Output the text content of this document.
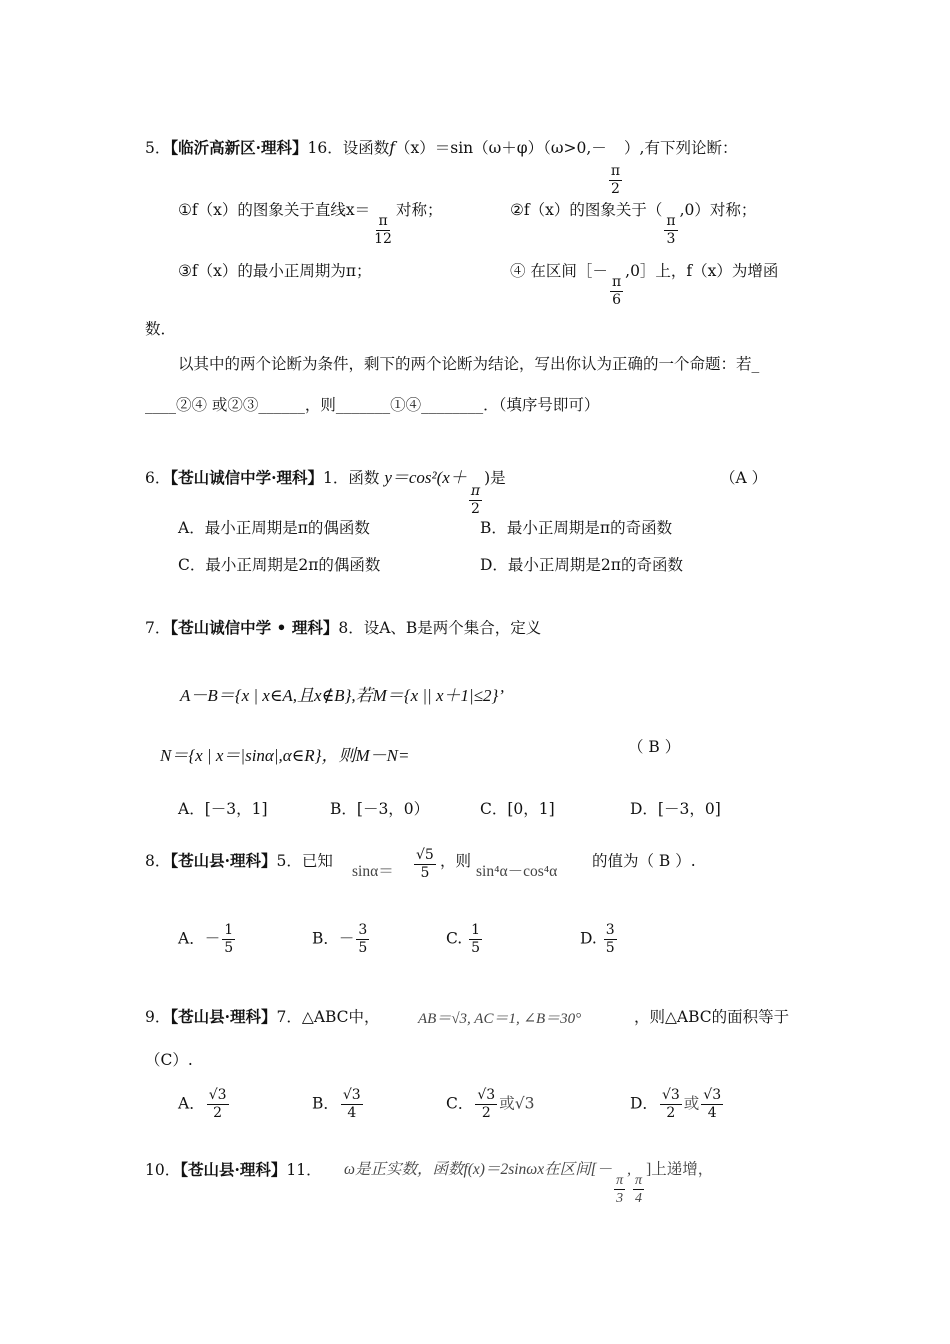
5．【临沂高新区·理科】16．设函数f（x）＝sin（ω＋φ）（ω>0,－
$\frac{\pi}{2}$
）,有下列论断：
①f（x）的图象关于直线x＝
$\frac{\pi}{12}$
对称；	②f（x）的图象关于（
$\frac{\pi}{3}$
,0）对称；
③f（x）的最小正周期为π；	④ 在区间［－
$\frac{\pi}{6}$
,0］上，f（x）为增函
数．
以其中的两个论断为条件，剩下的两个论断为结论，写出你认为正确的一个命题：若_
____②④ 或②③______，则_______①④________．（填序号即可）
6．【苍山诚信中学·理科】1．函数 y＝cos²(x＋
$\frac{\pi}{2}$
)是	（A ）
A．最小正周期是π的偶函数	B．最小正周期是π的奇函数
C．最小正周期是2π的偶函数	D．最小正周期是2π的奇函数
7．【苍山诚信中学 • 理科】8．设A、B是两个集合，定义
A－B＝{x | x∈A,且x∉B},若M＝{x || x＋1|≤2}’
N＝{x | x＝|sinα|,α∈R}，则M－N=	（ B ）
A．[－3，1]	B．[－3，0）	C．[0，1]	D．[－3，0]
8．【苍山县·理科】5．已知
$\sin\alpha= \frac{√5}{5}$ ，则
sin⁴α－cos⁴α
的值为（ B ）.
A．－ $\frac{1}{5}$	B．－ $\frac{3}{5}$	C. $\frac{1}{5}$	D. $\frac{3}{5}$
9．【苍山县·理科】7．△ABC中，	AB＝√3, AC＝1, ∠B＝30°	，则△ABC的面积等于
（C）.
A． $\frac{√3}{2}$	B． $\frac{√3}{4}$	C． $\frac{√3}{2}$ 或√3	D． $\frac{√3}{2}$ 或 $\frac{√3}{4}$
10．【苍山县·理科】11． ω是正实数，函数f(x)＝2sinωx在区间[－
$\frac{\pi}{3}$
,
$\frac{\pi}{4}$
]上递增，
